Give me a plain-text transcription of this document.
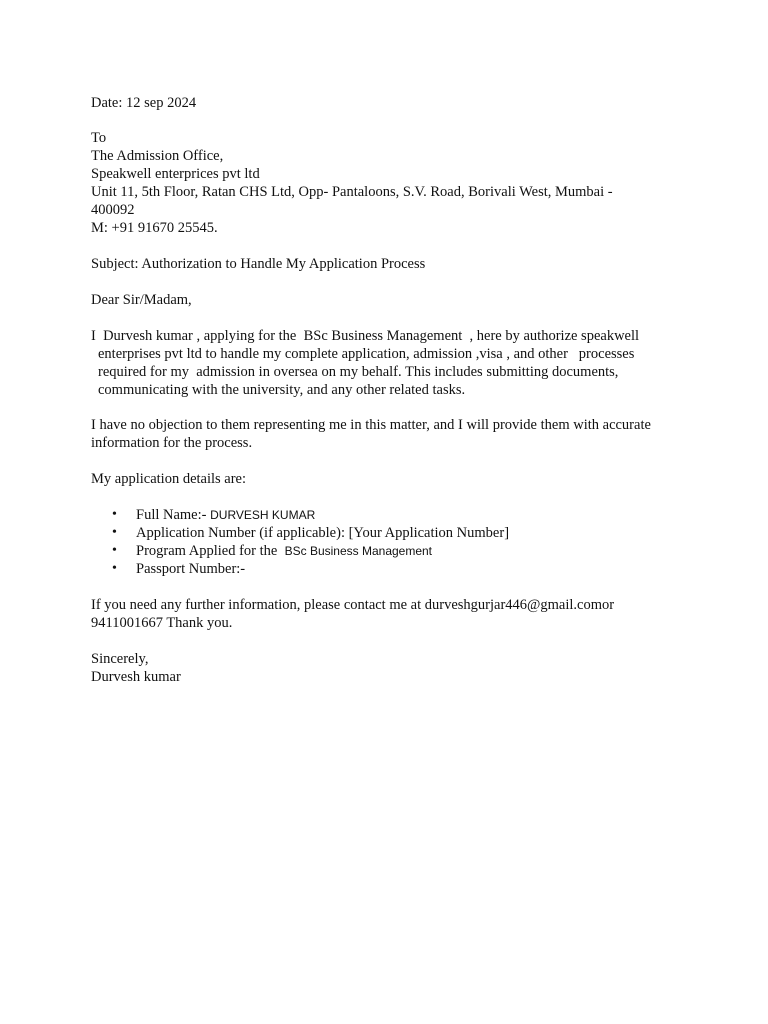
Date: 12 sep 2024
To
The Admission Office,
Speakwell enterprices pvt ltd
Unit 11, 5th Floor, Ratan CHS Ltd, Opp- Pantaloons, S.V. Road, Borivali West, Mumbai -
400092
M: +91 91670 25545.
Subject: Authorization to Handle My Application Process
Dear Sir/Madam,
I  Durvesh kumar , applying for the  BSc Business Management  , here by authorize speakwell
enterprises pvt ltd to handle my complete application, admission ,visa , and other   processes
required for my  admission in oversea on my behalf. This includes submitting documents,
communicating with the university, and any other related tasks.
I have no objection to them representing me in this matter, and I will provide them with accurate
information for the process.
My application details are:
• Full Name:- DURVESH KUMAR
• Application Number (if applicable): [Your Application Number]
• Program Applied for the BSc Business Management
• Passport Number:-
If you need any further information, please contact me at durveshgurjar446@gmail.comor
9411001667 Thank you.
Sincerely,
Durvesh kumar
